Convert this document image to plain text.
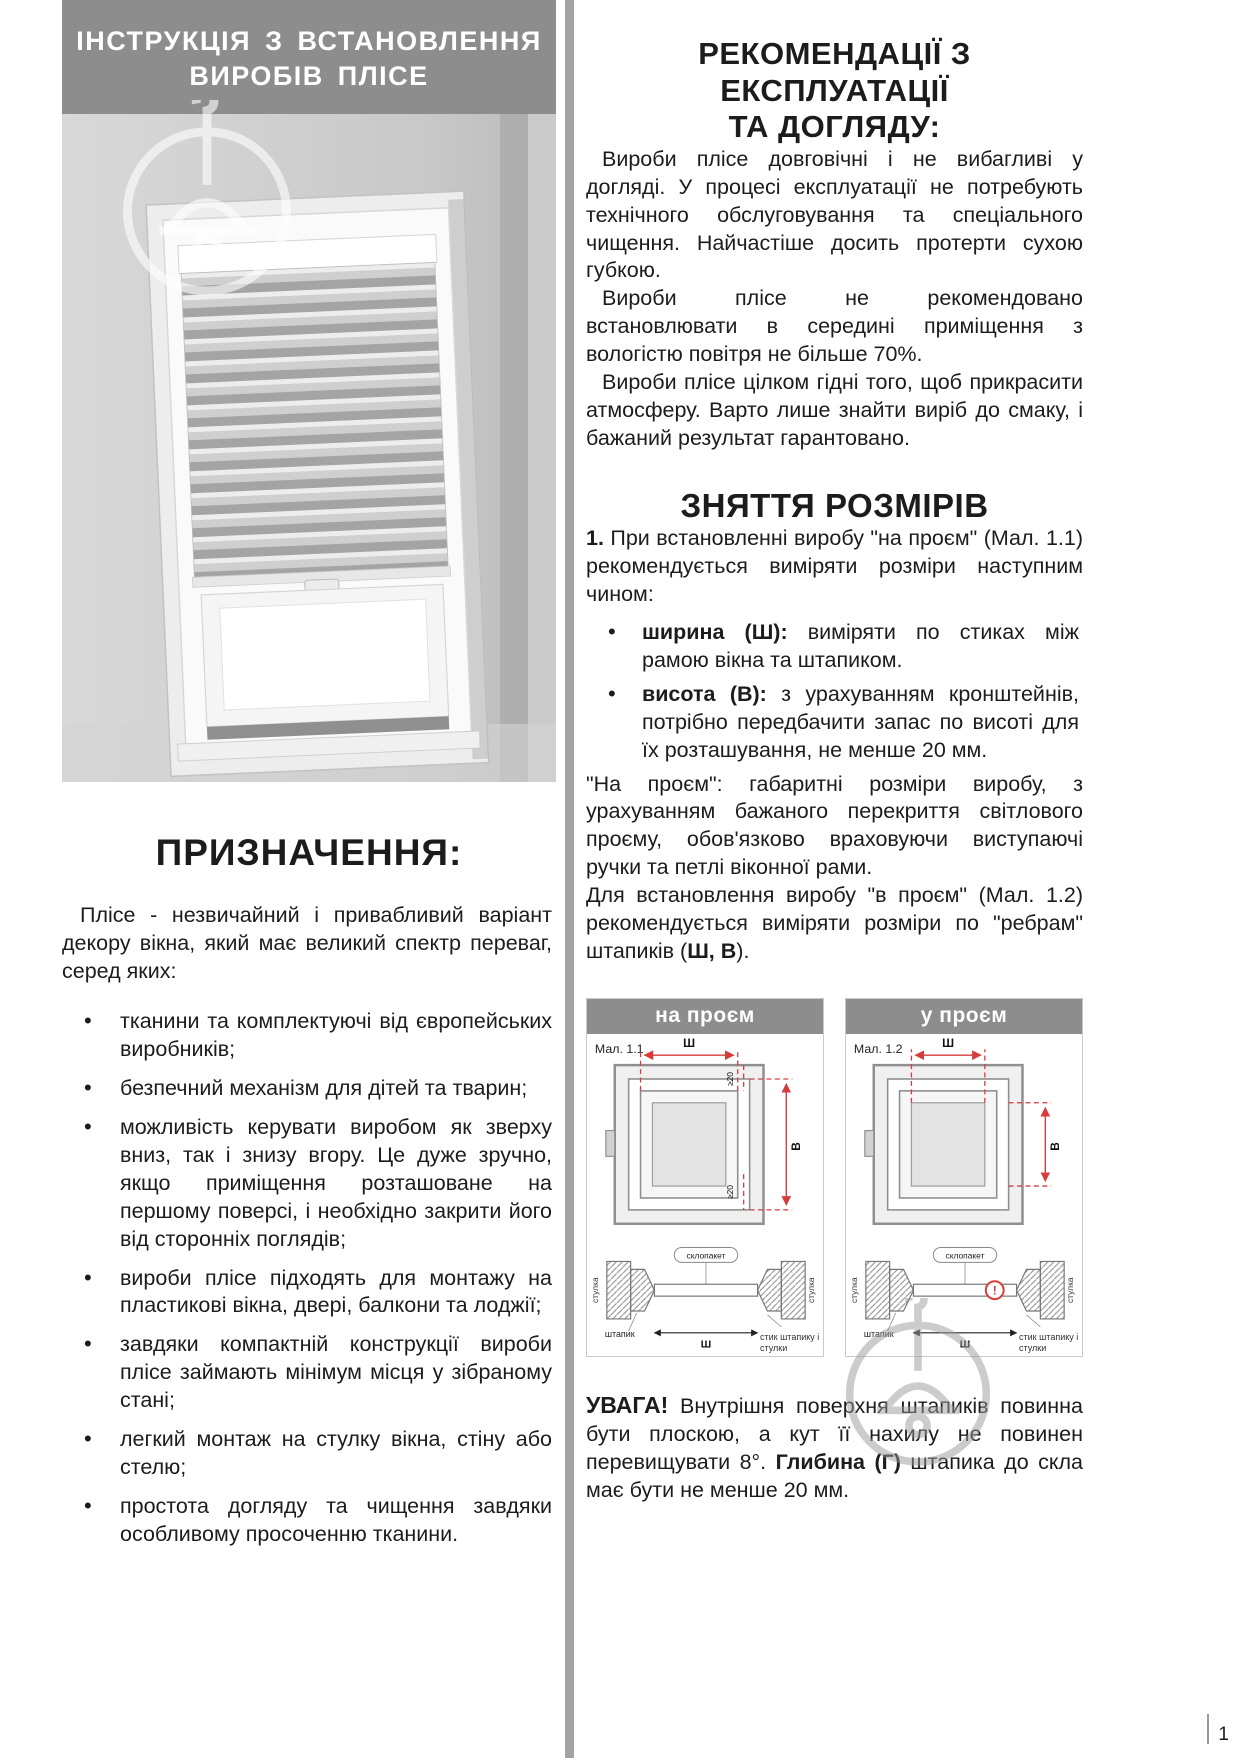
ІНСТРУКЦІЯ З ВСТАНОВЛЕННЯ
ВИРОБІВ ПЛІСЕ
ПРИЗНАЧЕННЯ:

Плісе - незвичайний і привабливий варіант декору вікна, який має великий спектр переваг, серед яких:

• тканини та комплектуючі від європейських виробників;
• безпечний механізм для дітей та тварин;
• можливість керувати виробом як зверху вниз, так і знизу вгору. Це дуже зручно, якщо приміщення розташоване на першому поверсі, і необхідно закрити його від сторонніх поглядів;
• вироби плісе підходять для монтажу на пластикові вікна, двері, балкони та лоджії;
• завдяки компактній конструкції вироби плісе займають мінімум місця у зібраному стані;
• легкий монтаж на стулку вікна, стіну або стелю;
• простота догляду та чищення завдяки особливому просоченню тканини.
РЕКОМЕНДАЦІЇ З ЕКСПЛУАТАЦІЇ
ТА ДОГЛЯДУ:

Вироби плісе довговічні і не вибагливі у догляді. У процесі експлуатації не потребують технічного обслуговування та спеціального чищення. Найчастіше досить протерти сухою губкою.

Вироби плісе не рекомендовано встановлювати в середині приміщення з вологістю повітря не більше 70%.

Вироби плісе цілком гідні того, щоб прикрасити атмосферу. Варто лише знайти виріб до смаку, і бажаний результат гарантовано.

ЗНЯТТЯ РОЗМІРІВ

1. При встановленні виробу "на проєм" (Мал. 1.1) рекомендується виміряти розміри наступним чином:

• ширина (Ш): виміряти по стиках між рамою вікна та штапиком.
• висота (В): з урахуванням кронштейнів, потрібно передбачити запас по висоті для їх розташування, не менше 20 мм.

"На проєм": габаритні розміри виробу, з урахуванням бажаного перекриття світлового проєму, обов'язково враховуючи виступаючі ручки та петлі віконної рами.

Для встановлення виробу "в проєм" (Мал. 1.2) рекомендується виміряти розміри по "ребрам" штапиків (Ш, В).

на проєм
Мал. 1.1	Ш
В
≥20
≥20
склопакет
стулка	стулка
штапик
Ш
стик штапику і стулки
у проєм
Мал. 1.2	Ш
В
склопакет
стулка	стулка
штапик
Ш
!
стик штапику і стулки

УВАГА! Внутрішня поверхня штапиків повинна бути плоскою, а кут її нахилу не повинен перевищувати 8°. Глибина (Г) штапика до скла має бути не менше 20 мм.

1
